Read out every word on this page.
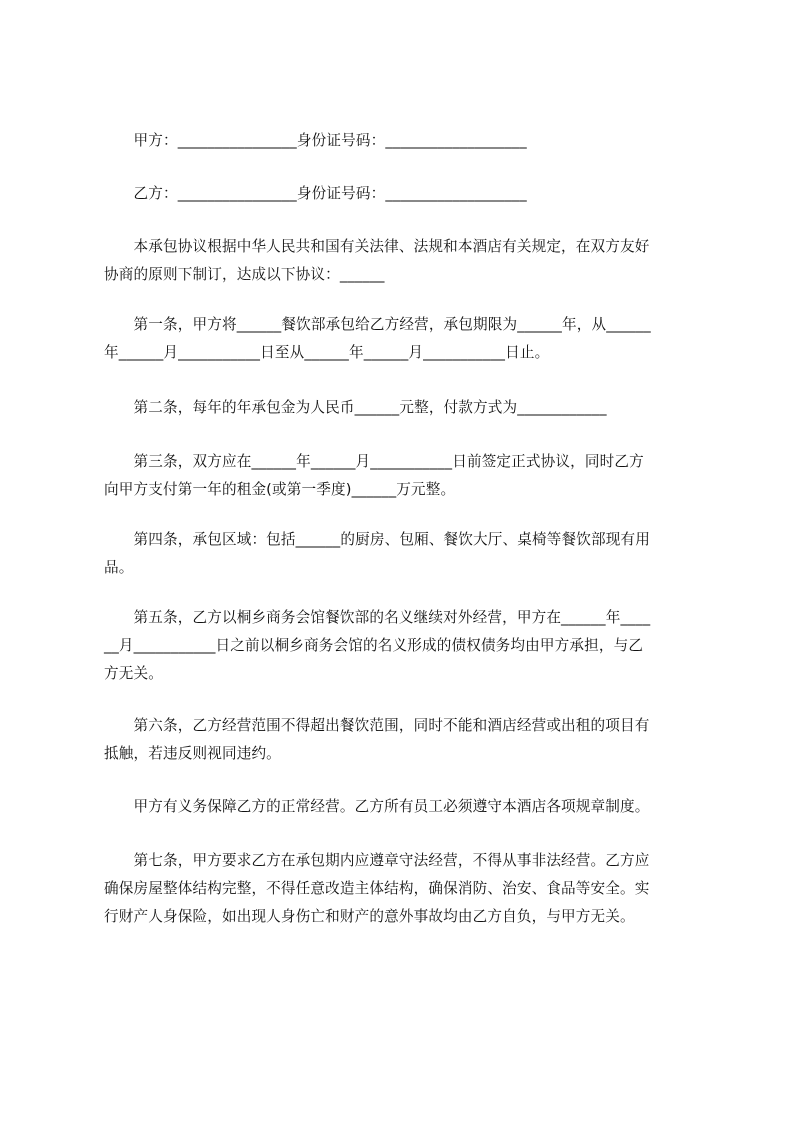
　　甲方：________________身份证号码：___________________
　　乙方：________________身份证号码：___________________
　　本承包协议根据中华人民共和国有关法律、法规和本酒店有关规定，在双方友好
协商的原则下制订，达成以下协议：______
　　第一条，甲方将______餐饮部承包给乙方经营，承包期限为______年，从______
年______月___________日至从______年______月___________日止。
　　第二条，每年的年承包金为人民币______元整，付款方式为____________
　　第三条，双方应在______年______月___________日前签定正式协议，同时乙方
向甲方支付第一年的租金(或第一季度)______万元整。
　　第四条，承包区域：包括______的厨房、包厢、餐饮大厅、桌椅等餐饮部现有用
品。
　　第五条，乙方以桐乡商务会馆餐饮部的名义继续对外经营，甲方在______年____
__月___________日之前以桐乡商务会馆的名义形成的债权债务均由甲方承担，与乙
方无关。
　　第六条，乙方经营范围不得超出餐饮范围，同时不能和酒店经营或出租的项目有
抵触，若违反则视同违约。
　　甲方有义务保障乙方的正常经营。乙方所有员工必须遵守本酒店各项规章制度。
　　第七条，甲方要求乙方在承包期内应遵章守法经营，不得从事非法经营。乙方应
确保房屋整体结构完整，不得任意改造主体结构，确保消防、治安、食品等安全。实
行财产人身保险，如出现人身伤亡和财产的意外事故均由乙方自负，与甲方无关。
